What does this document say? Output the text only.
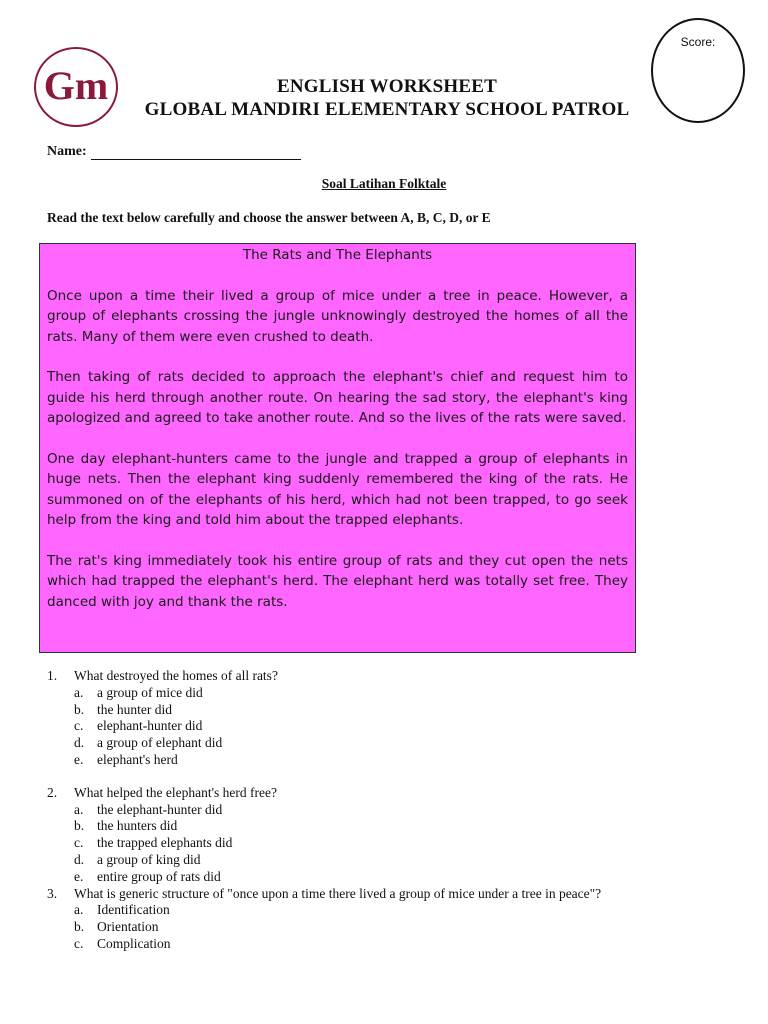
Gm
Score:
ENGLISH WORKSHEET
GLOBAL MANDIRI ELEMENTARY SCHOOL PATROL
Name:
Soal Latihan Folktale
Read the text below carefully and choose the answer between A, B, C, D, or E
The Rats and The Elephants

Once upon a time their lived a group of mice under a tree in peace. However, a group of elephants crossing the jungle unknowingly destroyed the homes of all the rats. Many of them were even crushed to death.

Then taking of rats decided to approach the elephant's chief and request him to guide his herd through another route. On hearing the sad story, the elephant's king apologized and agreed to take another route. And so the lives of the rats were saved.

One day elephant-hunters came to the jungle and trapped a group of elephants in huge nets. Then the elephant king suddenly remembered the king of the rats. He summoned on of the elephants of his herd, which had not been trapped, to go seek help from the king and told him about the trapped elephants.

The rat's king immediately took his entire group of rats and they cut open the nets which had trapped the elephant's herd. The elephant herd was totally set free. They danced with joy and thank the rats.

1. What destroyed the homes of all rats?
a. a group of mice did
b. the hunter did
c. elephant-hunter did
d. a group of elephant did
e. elephant's herd
2. What helped the elephant's herd free?
a. the elephant-hunter did
b. the hunters did
c. the trapped elephants did
d. a group of king did
e. entire group of rats did
3. What is generic structure of "once upon a time there lived a group of mice under a tree in peace"?
a. Identification
b. Orientation
c. Complication
